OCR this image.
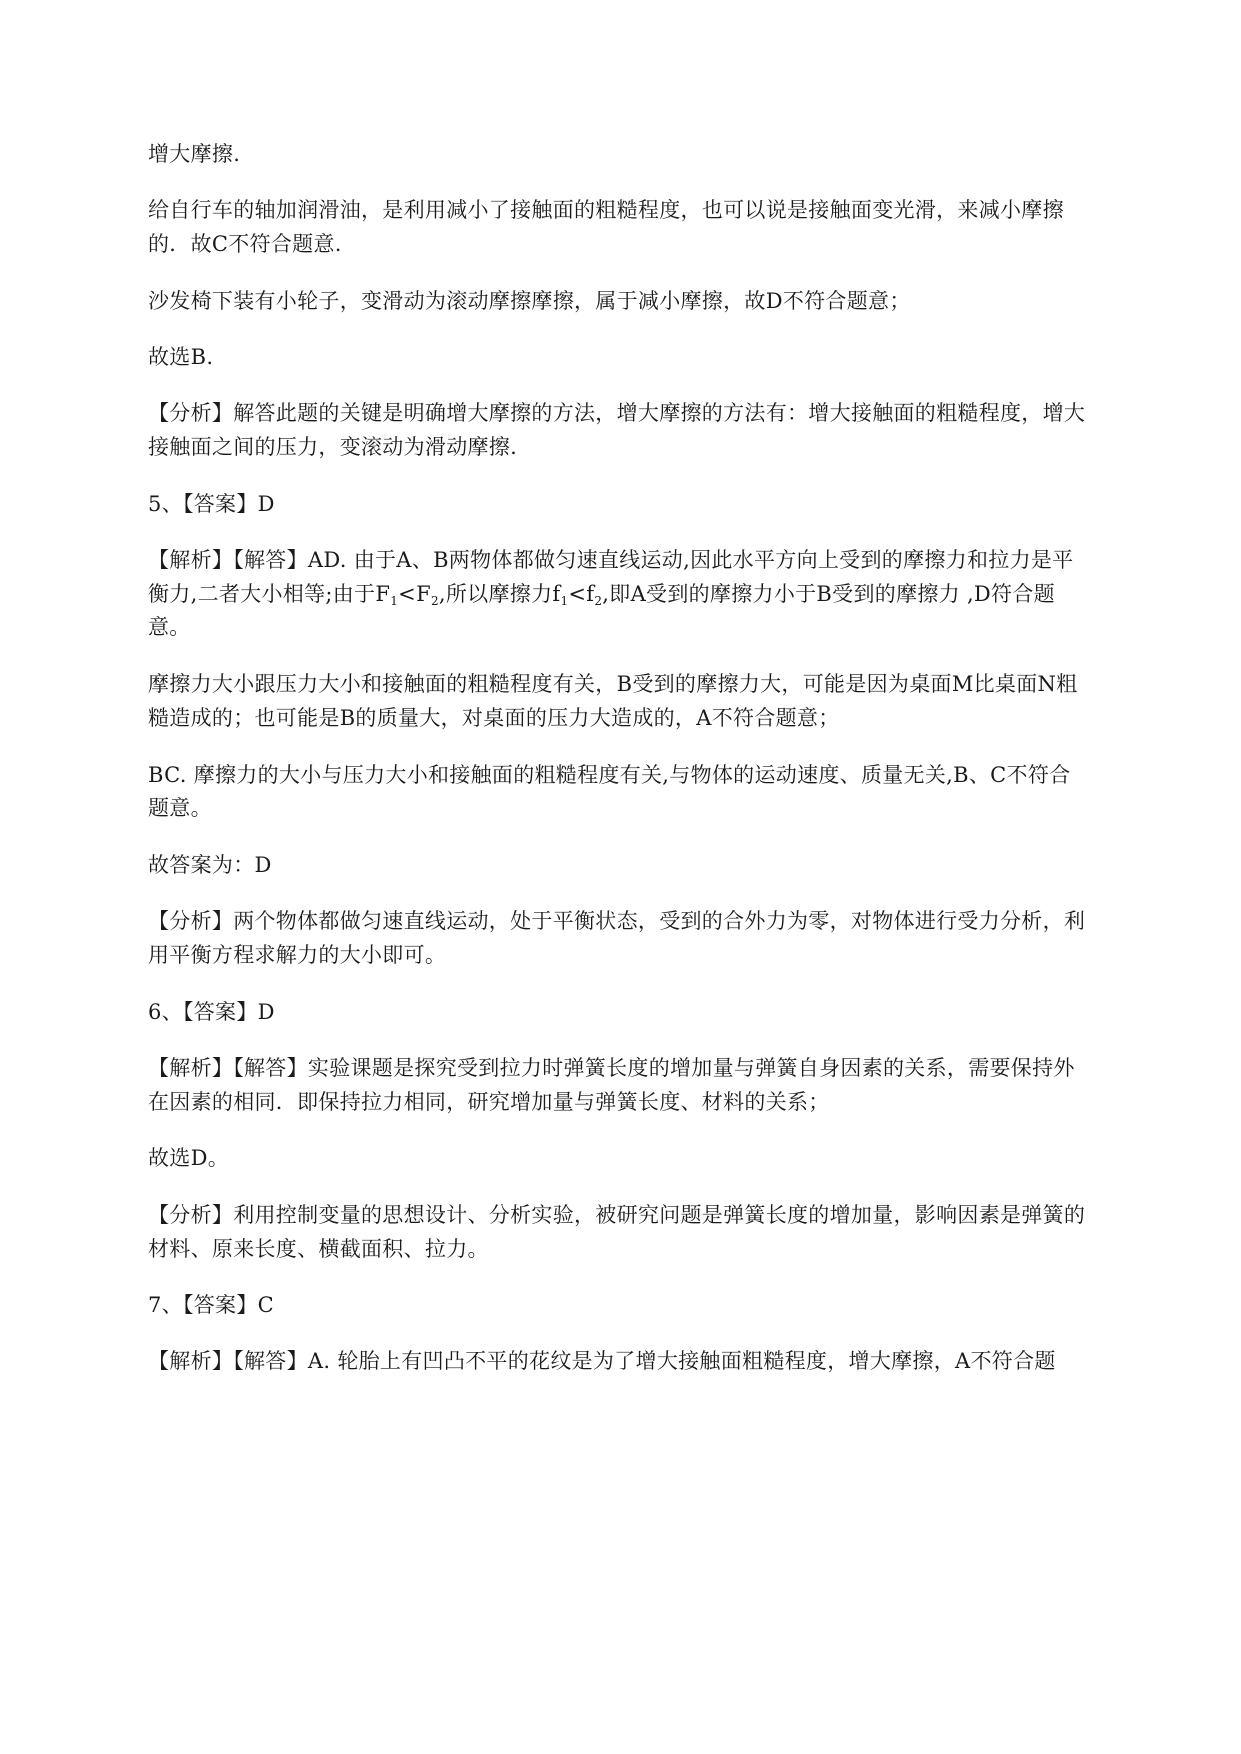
增大摩擦.
给自行车的轴加润滑油，是利用减小了接触面的粗糙程度，也可以说是接触面变光滑，来减小摩擦
的．故C不符合题意.
沙发椅下装有小轮子，变滑动为滚动摩擦摩擦，属于减小摩擦，故D不符合题意；
故选B.
【分析】解答此题的关键是明确增大摩擦的方法，增大摩擦的方法有：增大接触面的粗糙程度，增大
接触面之间的压力，变滚动为滑动摩擦.
5、【答案】D
【解析】【解答】AD. 由于A、B两物体都做匀速直线运动,因此水平方向上受到的摩擦力和拉力是平
衡力,二者大小相等;由于$F_1<F_2$,所以摩擦力$f_1<f_2$,即A受到的摩擦力小于B受到的摩擦力 ,D符合题
意。
摩擦力大小跟压力大小和接触面的粗糙程度有关，B受到的摩擦力大，可能是因为桌面M比桌面N粗
糙造成的；也可能是B的质量大，对桌面的压力大造成的，A不符合题意；
BC. 摩擦力的大小与压力大小和接触面的粗糙程度有关,与物体的运动速度、质量无关,B、C不符合
题意。
故答案为：D
【分析】两个物体都做匀速直线运动，处于平衡状态，受到的合外力为零，对物体进行受力分析，利
用平衡方程求解力的大小即可。
6、【答案】D
【解析】【解答】实验课题是探究受到拉力时弹簧长度的增加量与弹簧自身因素的关系，需要保持外
在因素的相同．即保持拉力相同，研究增加量与弹簧长度、材料的关系；
故选D。
【分析】利用控制变量的思想设计、分析实验，被研究问题是弹簧长度的增加量，影响因素是弹簧的
材料、原来长度、横截面积、拉力。
7、【答案】C
【解析】【解答】A. 轮胎上有凹凸不平的花纹是为了增大接触面粗糙程度，增大摩擦，A不符合题
